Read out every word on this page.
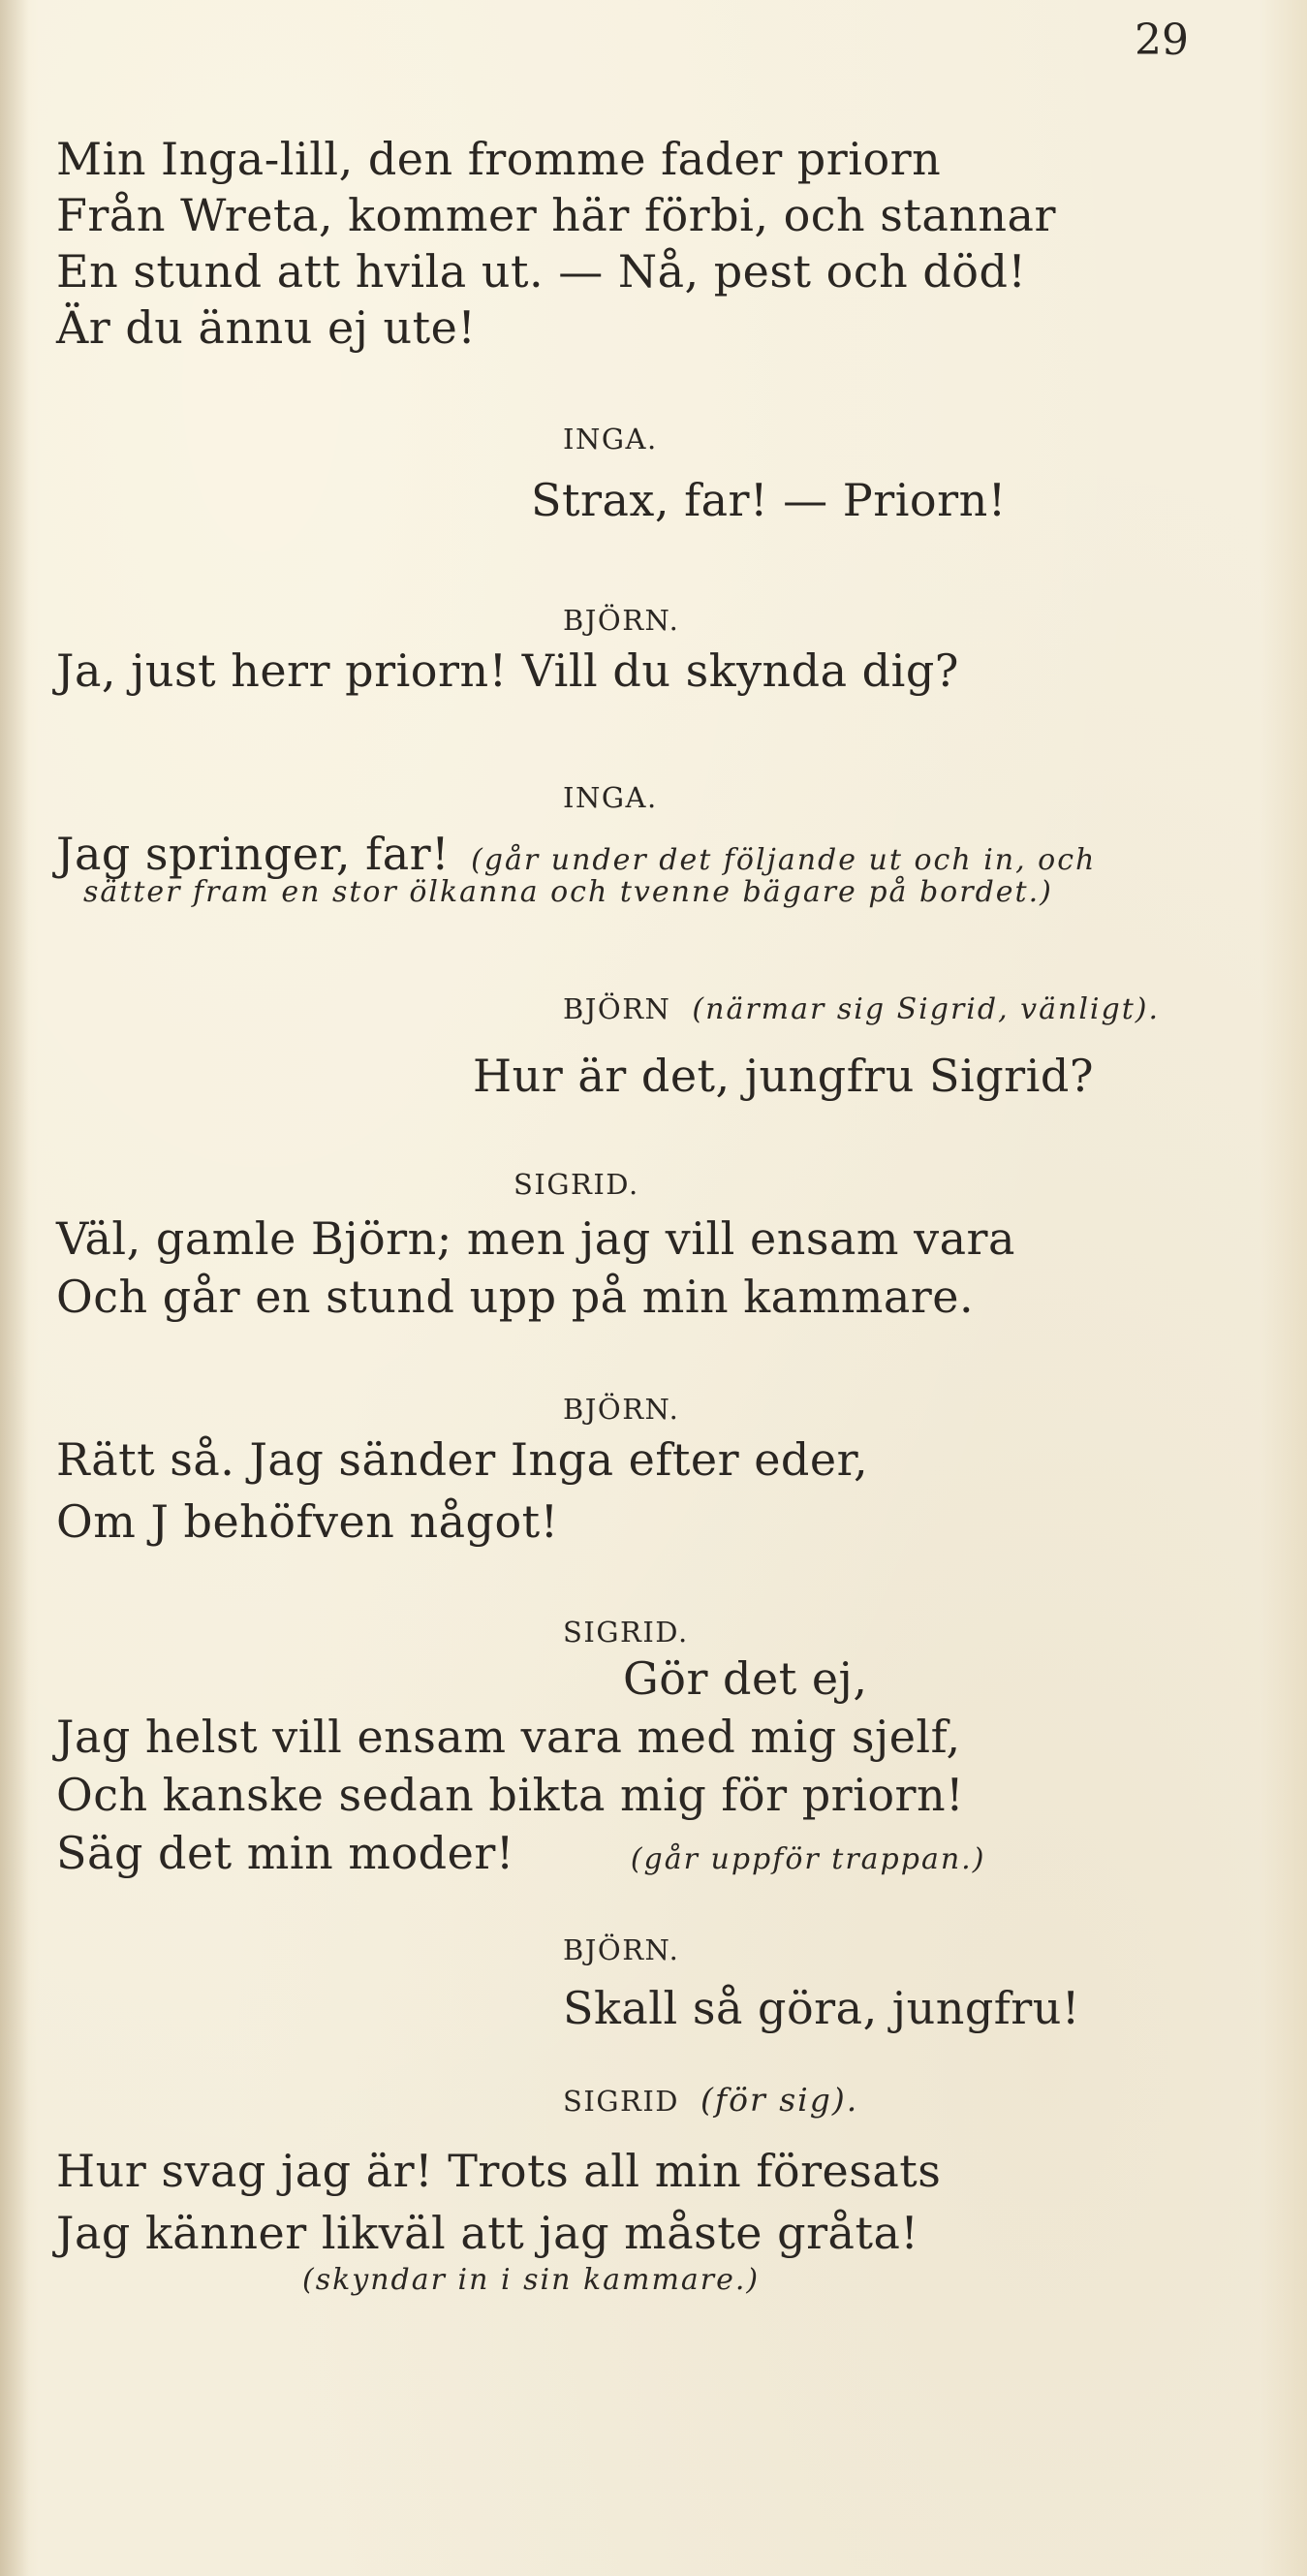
29
Min Inga-lill, den fromme fader priorn
Från Wreta, kommer här förbi, och stannar
En stund att hvila ut. — Nå, pest och död!
Är du ännu ej ute!
INGA.
Strax, far! — Priorn!
BJÖRN.
Ja, just herr priorn! Vill du skynda dig?
INGA.
Jag springer, far! (går under det följande ut och in, och
sätter fram en stor ölkanna och tvenne bägare på bordet.)
BJÖRN (närmar sig Sigrid, vänligt).
Hur är det, jungfru Sigrid?
SIGRID.
Väl, gamle Björn; men jag vill ensam vara
Och går en stund upp på min kammare.
BJÖRN.
Rätt så. Jag sänder Inga efter eder,
Om J behöfven något!
SIGRID.
Gör det ej,
Jag helst vill ensam vara med mig sjelf,
Och kanske sedan bikta mig för priorn!
Säg det min moder!	(går uppför trappan.)
BJÖRN.
Skall så göra, jungfru!
SIGRID (för sig).
Hur svag jag är! Trots all min föresats
Jag känner likväl att jag måste gråta!
(skyndar in i sin kammare.)
